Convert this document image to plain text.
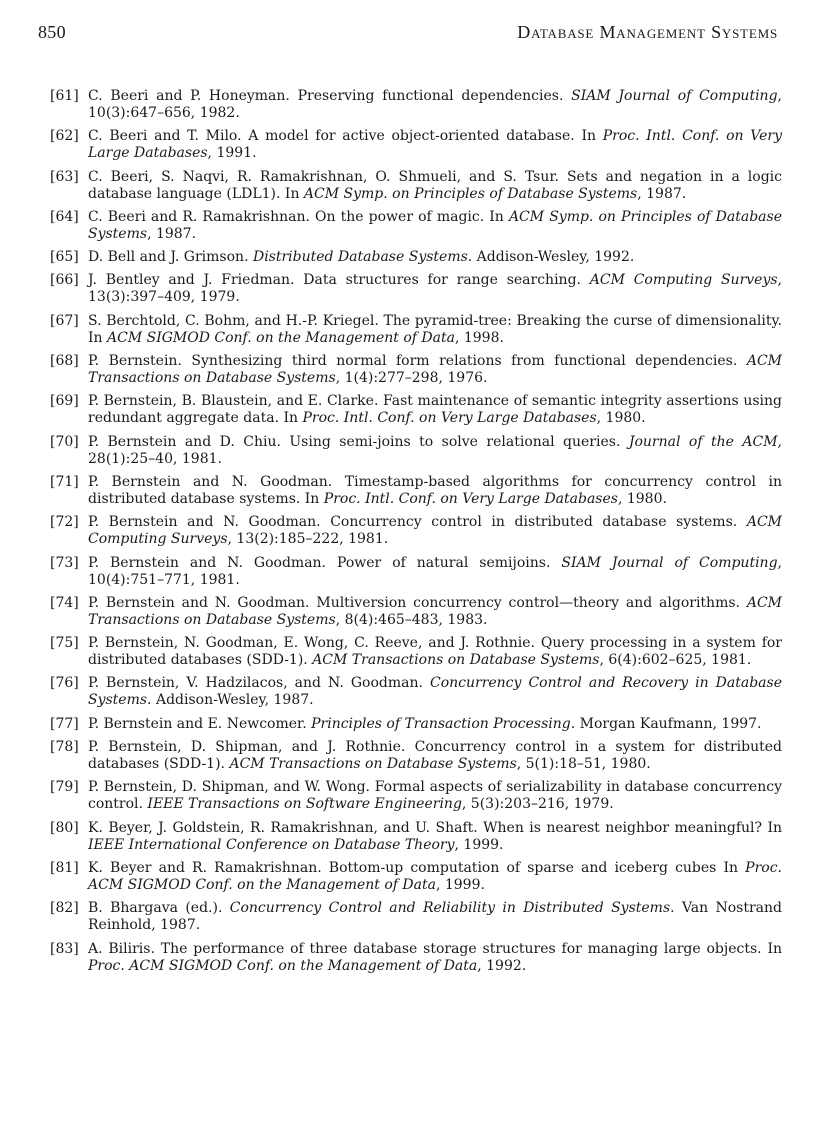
850	Database Management Systems
[61] C. Beeri and P. Honeyman. Preserving functional dependencies. SIAM Journal of Computing, 10(3):647–656, 1982.
[62] C. Beeri and T. Milo. A model for active object-oriented database. In Proc. Intl. Conf. on Very Large Databases, 1991.
[63] C. Beeri, S. Naqvi, R. Ramakrishnan, O. Shmueli, and S. Tsur. Sets and negation in a logic database language (LDL1). In ACM Symp. on Principles of Database Systems, 1987.
[64] C. Beeri and R. Ramakrishnan. On the power of magic. In ACM Symp. on Principles of Database Systems, 1987.
[65] D. Bell and J. Grimson. Distributed Database Systems. Addison-Wesley, 1992.
[66] J. Bentley and J. Friedman. Data structures for range searching. ACM Computing Surveys, 13(3):397–409, 1979.
[67] S. Berchtold, C. Bohm, and H.-P. Kriegel. The pyramid-tree: Breaking the curse of dimensionality. In ACM SIGMOD Conf. on the Management of Data, 1998.
[68] P. Bernstein. Synthesizing third normal form relations from functional dependencies. ACM Transactions on Database Systems, 1(4):277–298, 1976.
[69] P. Bernstein, B. Blaustein, and E. Clarke. Fast maintenance of semantic integrity assertions using redundant aggregate data. In Proc. Intl. Conf. on Very Large Databases, 1980.
[70] P. Bernstein and D. Chiu. Using semi-joins to solve relational queries. Journal of the ACM, 28(1):25–40, 1981.
[71] P. Bernstein and N. Goodman. Timestamp-based algorithms for concurrency control in distributed database systems. In Proc. Intl. Conf. on Very Large Databases, 1980.
[72] P. Bernstein and N. Goodman. Concurrency control in distributed database systems. ACM Computing Surveys, 13(2):185–222, 1981.
[73] P. Bernstein and N. Goodman. Power of natural semijoins. SIAM Journal of Computing, 10(4):751–771, 1981.
[74] P. Bernstein and N. Goodman. Multiversion concurrency control—theory and algorithms. ACM Transactions on Database Systems, 8(4):465–483, 1983.
[75] P. Bernstein, N. Goodman, E. Wong, C. Reeve, and J. Rothnie. Query processing in a system for distributed databases (SDD-1). ACM Transactions on Database Systems, 6(4):602–625, 1981.
[76] P. Bernstein, V. Hadzilacos, and N. Goodman. Concurrency Control and Recovery in Database Systems. Addison-Wesley, 1987.
[77] P. Bernstein and E. Newcomer. Principles of Transaction Processing. Morgan Kaufmann, 1997.
[78] P. Bernstein, D. Shipman, and J. Rothnie. Concurrency control in a system for distributed databases (SDD-1). ACM Transactions on Database Systems, 5(1):18–51, 1980.
[79] P. Bernstein, D. Shipman, and W. Wong. Formal aspects of serializability in database concurrency control. IEEE Transactions on Software Engineering, 5(3):203–216, 1979.
[80] K. Beyer, J. Goldstein, R. Ramakrishnan, and U. Shaft. When is nearest neighbor meaningful? In IEEE International Conference on Database Theory, 1999.
[81] K. Beyer and R. Ramakrishnan. Bottom-up computation of sparse and iceberg cubes In Proc. ACM SIGMOD Conf. on the Management of Data, 1999.
[82] B. Bhargava (ed.). Concurrency Control and Reliability in Distributed Systems. Van Nostrand Reinhold, 1987.
[83] A. Biliris. The performance of three database storage structures for managing large objects. In Proc. ACM SIGMOD Conf. on the Management of Data, 1992.
